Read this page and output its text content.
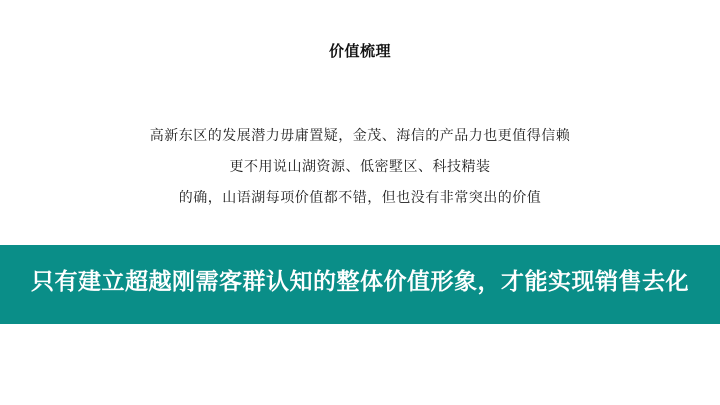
价值梳理
高新东区的发展潜力毋庸置疑，金茂、海信的产品力也更值得信赖
更不用说山湖资源、低密墅区、科技精装
的确，山语湖每项价值都不错，但也没有非常突出的价值
只有建立超越刚需客群认知的整体价值形象，才能实现销售去化
